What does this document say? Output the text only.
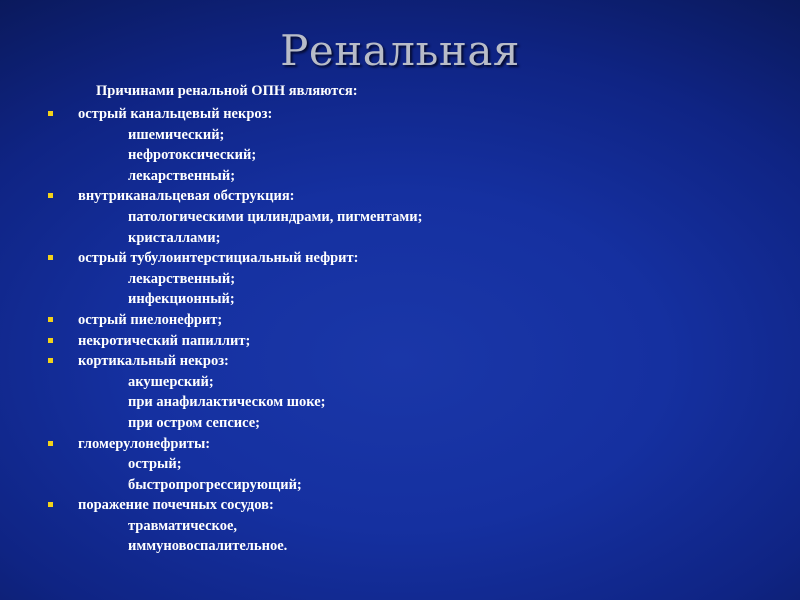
Ренальная
Причинами ренальной ОПН являются:
острый канальцевый некроз:
ишемический;
нефротоксический;
лекарственный;
внутриканальцевая обструкция:
патологическими цилиндрами, пигментами;
кристаллами;
острый тубулоинтерстициальный нефрит:
лекарственный;
инфекционный;
острый пиелонефрит;
некротический папиллит;
кортикальный некроз:
акушерский;
при анафилактическом шоке;
при остром сепсисе;
гломерулонефриты:
острый;
быстропрогрессирующий;
поражение почечных сосудов:
травматическое,
иммуновоспалительное.
